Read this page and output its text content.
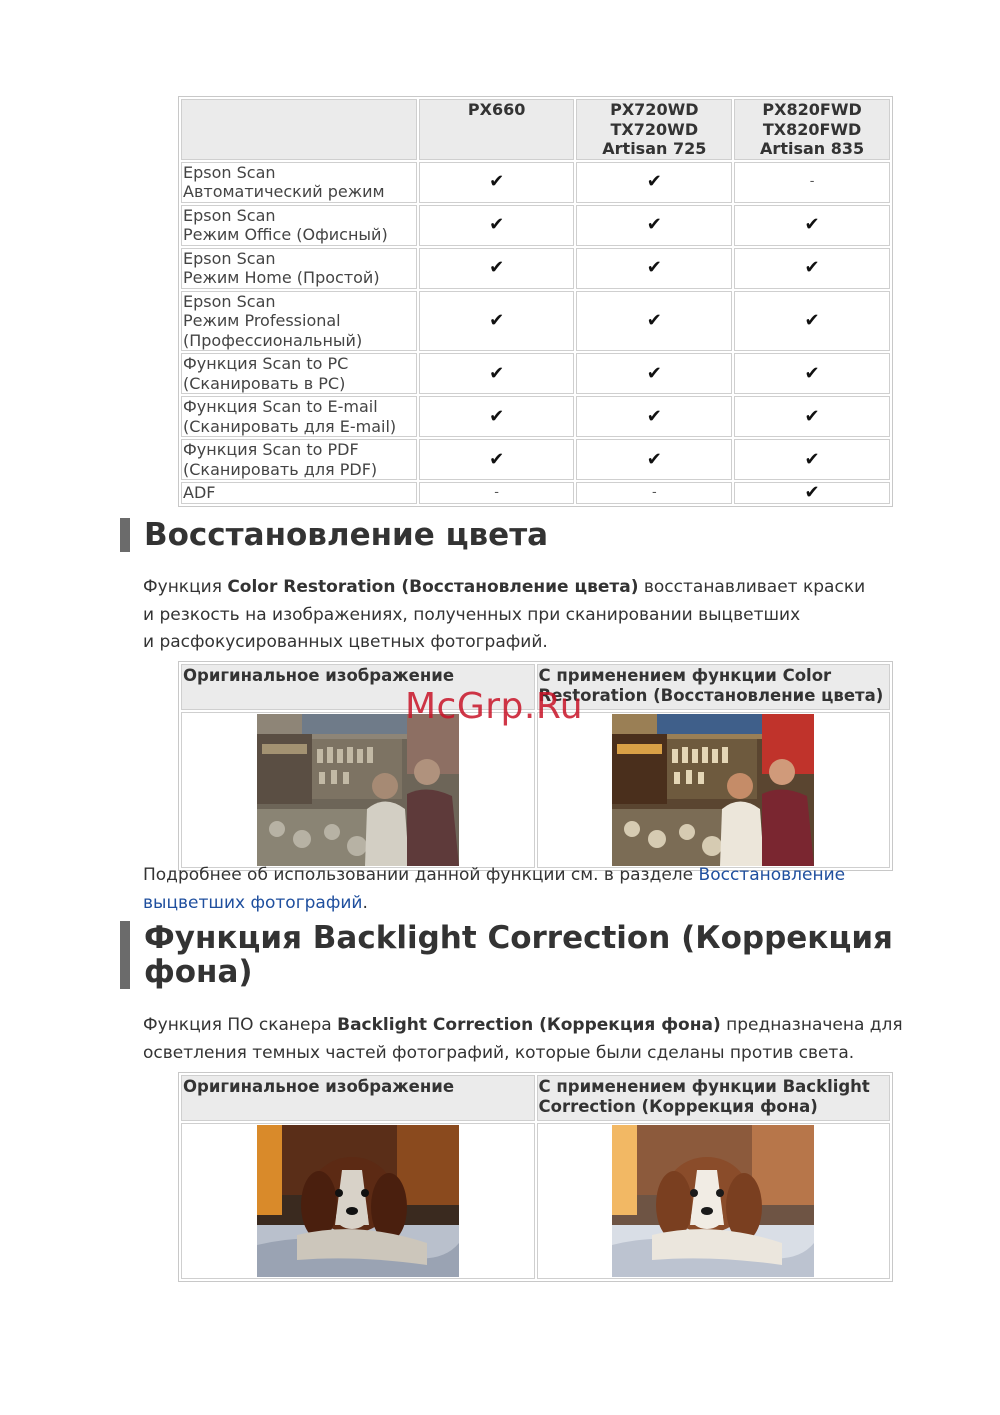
	PX660	PX720WD
TX720WD
Artisan 725	PX820FWD
TX820FWD
Artisan 835

Epson Scan
Автоматический режим	✔	✔	-

Epson Scan
Режим Office (Офисный)	✔	✔	✔

Epson Scan
Режим Home (Простой)	✔	✔	✔

Epson Scan
Режим Professional
(Профессиональный)	✔	✔	✔

Функция Scan to PC
(Сканировать в PC)	✔	✔	✔

Функция Scan to E-mail
(Сканировать для E-mail)	✔	✔	✔

Функция Scan to PDF
(Сканировать для PDF)	✔	✔	✔

ADF	-	-	✔
Восстановление цвета

Функция Color Restoration (Восстановление цвета) восстанавливает краски
и резкость на изображениях, полученных при сканировании выцветших
и расфокусированных цветных фотографий.

Оригинальное изображение	С применением функции Color
Restoration (Восстановление цвета)

McGrp.Ru

Подробнее об использовании данной функции см. в разделе Восстановление
выцветших фотографий.

Функция Backlight Correction (Коррекция
фона)

Функция ПО сканера Backlight Correction (Коррекция фона) предназначена для
осветления темных частей фотографий, которые были сделаны против света.

Оригинальное изображение	С применением функции Backlight
Correction (Коррекция фона)
